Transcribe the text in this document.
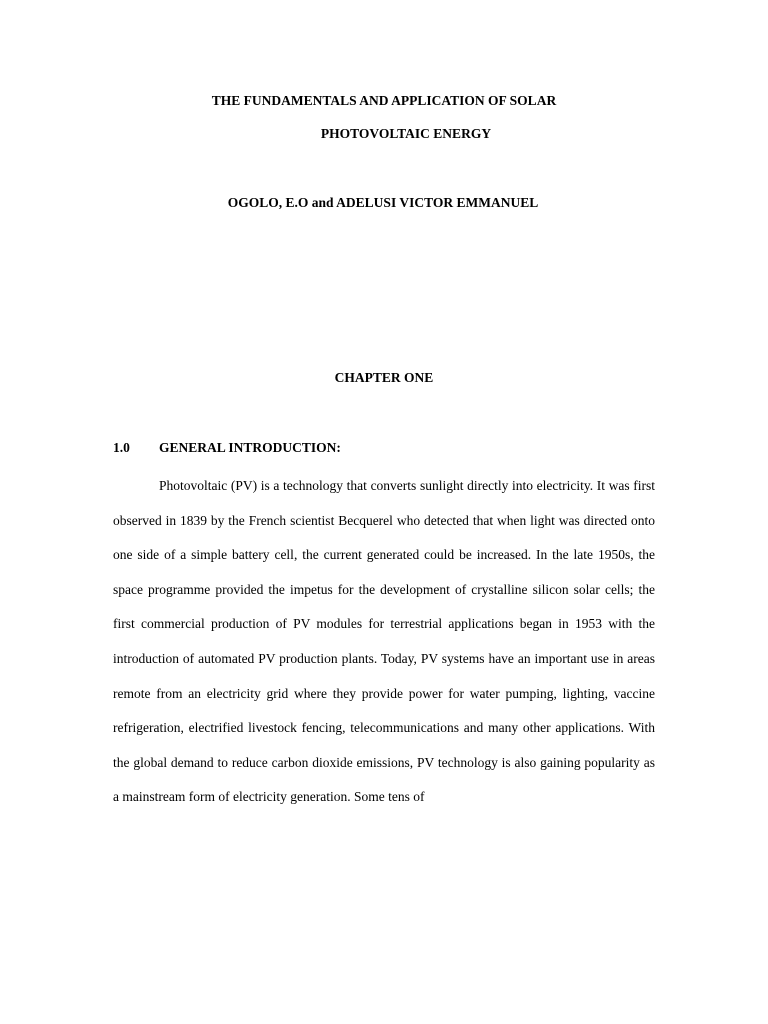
THE FUNDAMENTALS AND APPLICATION OF SOLAR
PHOTOVOLTAIC ENERGY
OGOLO, E.O and ADELUSI VICTOR EMMANUEL
CHAPTER ONE
1.0 GENERAL INTRODUCTION:

Photovoltaic (PV) is a technology that converts sunlight directly into electricity. It was first observed in 1839 by the French scientist Becquerel who detected that when light was directed onto one side of a simple battery cell, the current generated could be increased. In the late 1950s, the space programme provided the impetus for the development of crystalline silicon solar cells; the first commercial production of PV modules for terrestrial applications began in 1953 with the introduction of automated PV production plants. Today, PV systems have an important use in areas remote from an electricity grid where they provide power for water pumping, lighting, vaccine refrigeration, electrified livestock fencing, telecommunications and many other applications. With the global demand to reduce carbon dioxide emissions, PV technology is also gaining popularity as a mainstream form of electricity generation. Some tens of
